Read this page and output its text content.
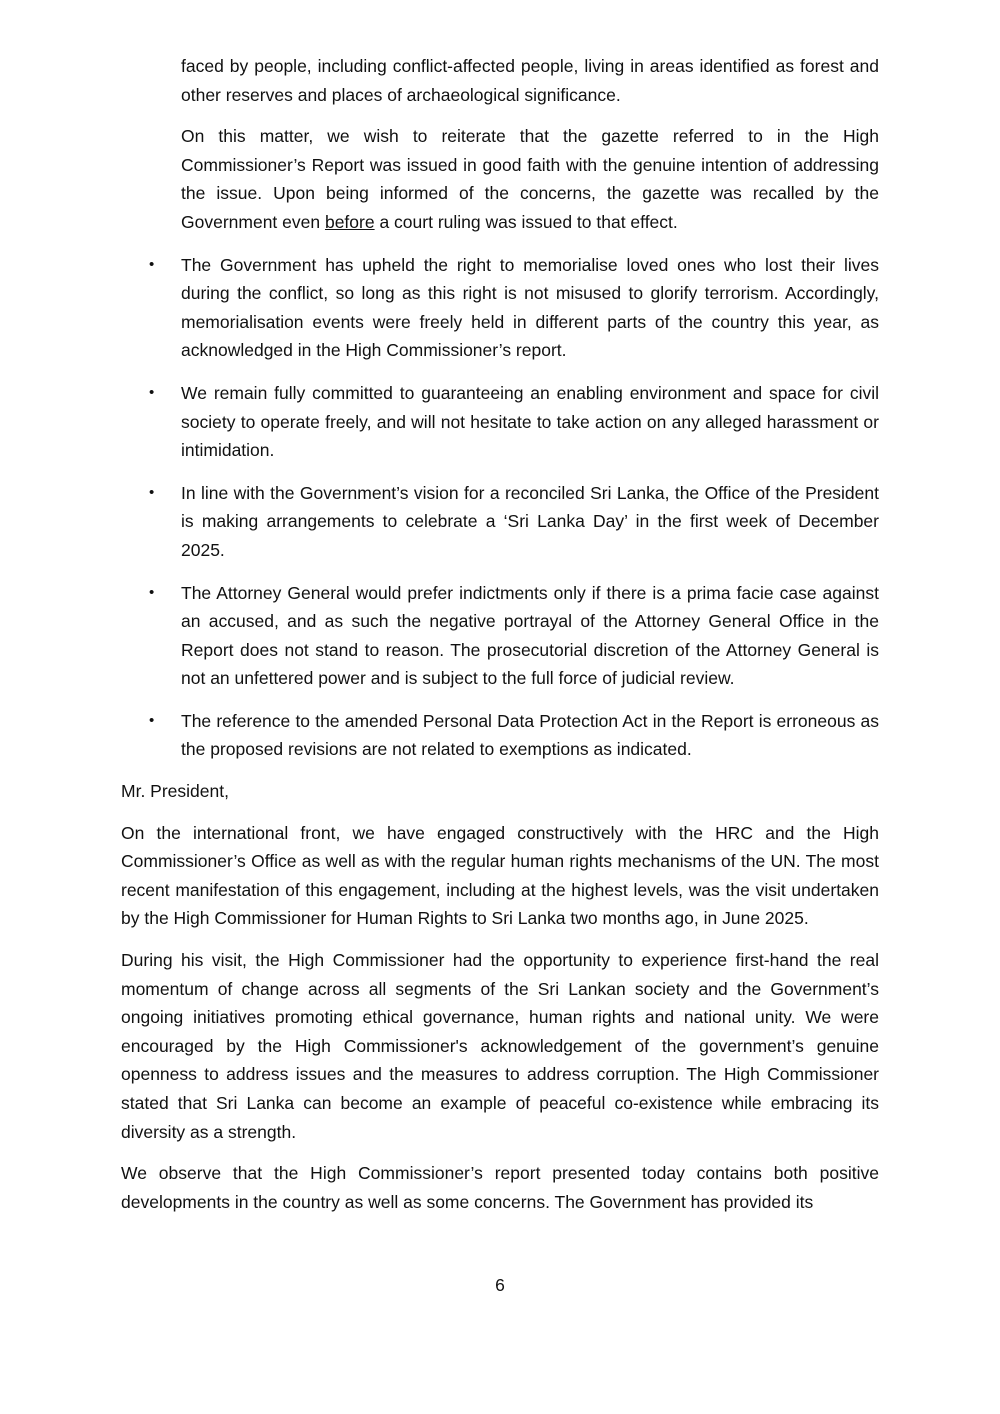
faced by people, including conflict-affected people, living in areas identified as forest and other reserves and places of archaeological significance.

On this matter, we wish to reiterate that the gazette referred to in the High Commissioner’s Report was issued in good faith with the genuine intention of addressing the issue. Upon being informed of the concerns, the gazette was recalled by the Government even before a court ruling was issued to that effect.

• The Government has upheld the right to memorialise loved ones who lost their lives during the conflict, so long as this right is not misused to glorify terrorism. Accordingly, memorialisation events were freely held in different parts of the country this year, as acknowledged in the High Commissioner’s report.
• We remain fully committed to guaranteeing an enabling environment and space for civil society to operate freely, and will not hesitate to take action on any alleged harassment or intimidation.
• In line with the Government’s vision for a reconciled Sri Lanka, the Office of the President is making arrangements to celebrate a ‘Sri Lanka Day’ in the first week of December 2025.
• The Attorney General would prefer indictments only if there is a prima facie case against an accused, and as such the negative portrayal of the Attorney General Office in the Report does not stand to reason. The prosecutorial discretion of the Attorney General is not an unfettered power and is subject to the full force of judicial review.
• The reference to the amended Personal Data Protection Act in the Report is erroneous as the proposed revisions are not related to exemptions as indicated.

Mr. President,

On the international front, we have engaged constructively with the HRC and the High Commissioner’s Office as well as with the regular human rights mechanisms of the UN. The most recent manifestation of this engagement, including at the highest levels, was the visit undertaken by the High Commissioner for Human Rights to Sri Lanka two months ago, in June 2025.

During his visit, the High Commissioner had the opportunity to experience first-hand the real momentum of change across all segments of the Sri Lankan society and the Government’s ongoing initiatives promoting ethical governance, human rights and national unity. We were encouraged by the High Commissioner's acknowledgement of the government’s genuine openness to address issues and the measures to address corruption. The High Commissioner stated that Sri Lanka can become an example of peaceful co-existence while embracing its diversity as a strength.

We observe that the High Commissioner’s report presented today contains both positive developments in the country as well as some concerns. The Government has provided its

6
